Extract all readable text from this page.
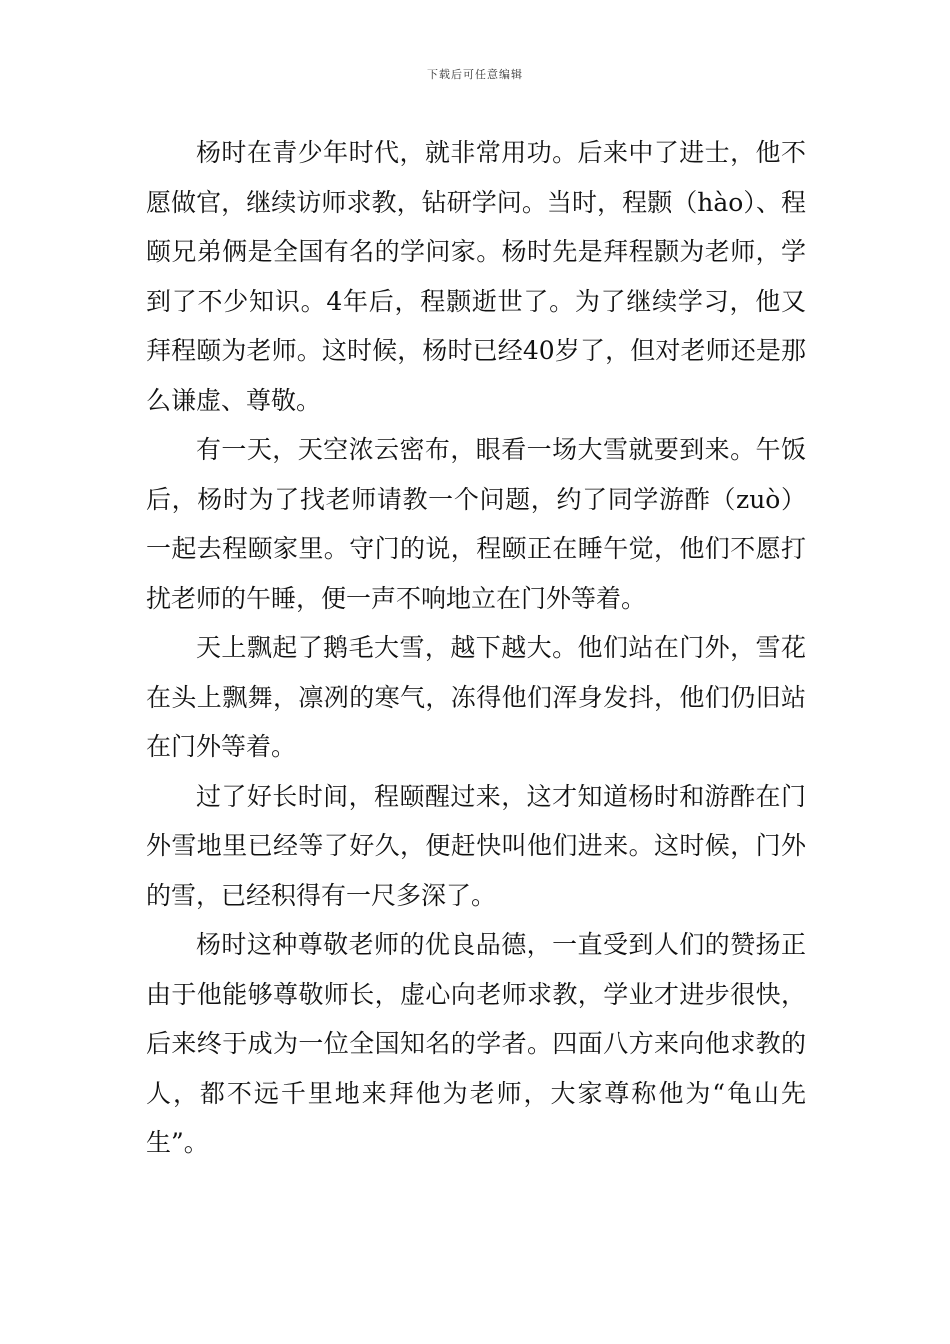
下载后可任意编辑

杨时在青少年时代，就非常用功。后来中了进士，他不愿做官，继续访师求教，钻研学问。当时，程颢（hào）、程颐兄弟俩是全国有名的学问家。杨时先是拜程颢为老师，学到了不少知识。4年后，程颢逝世了。为了继续学习，他又拜程颐为老师。这时候，杨时已经40岁了，但对老师还是那么谦虚、尊敬。

有一天，天空浓云密布，眼看一场大雪就要到来。午饭后，杨时为了找老师请教一个问题，约了同学游酢（zuò）一起去程颐家里。守门的说，程颐正在睡午觉，他们不愿打扰老师的午睡，便一声不响地立在门外等着。

天上飘起了鹅毛大雪，越下越大。他们站在门外，雪花在头上飘舞，凛冽的寒气，冻得他们浑身发抖，他们仍旧站在门外等着。

过了好长时间，程颐醒过来，这才知道杨时和游酢在门外雪地里已经等了好久，便赶快叫他们进来。这时候，门外的雪，已经积得有一尺多深了。

杨时这种尊敬老师的优良品德，一直受到人们的赞扬正由于他能够尊敬师长，虚心向老师求教，学业才进步很快，后来终于成为一位全国知名的学者。四面八方来向他求教的人，都不远千里地来拜他为老师，大家尊称他为“龟山先生”。
